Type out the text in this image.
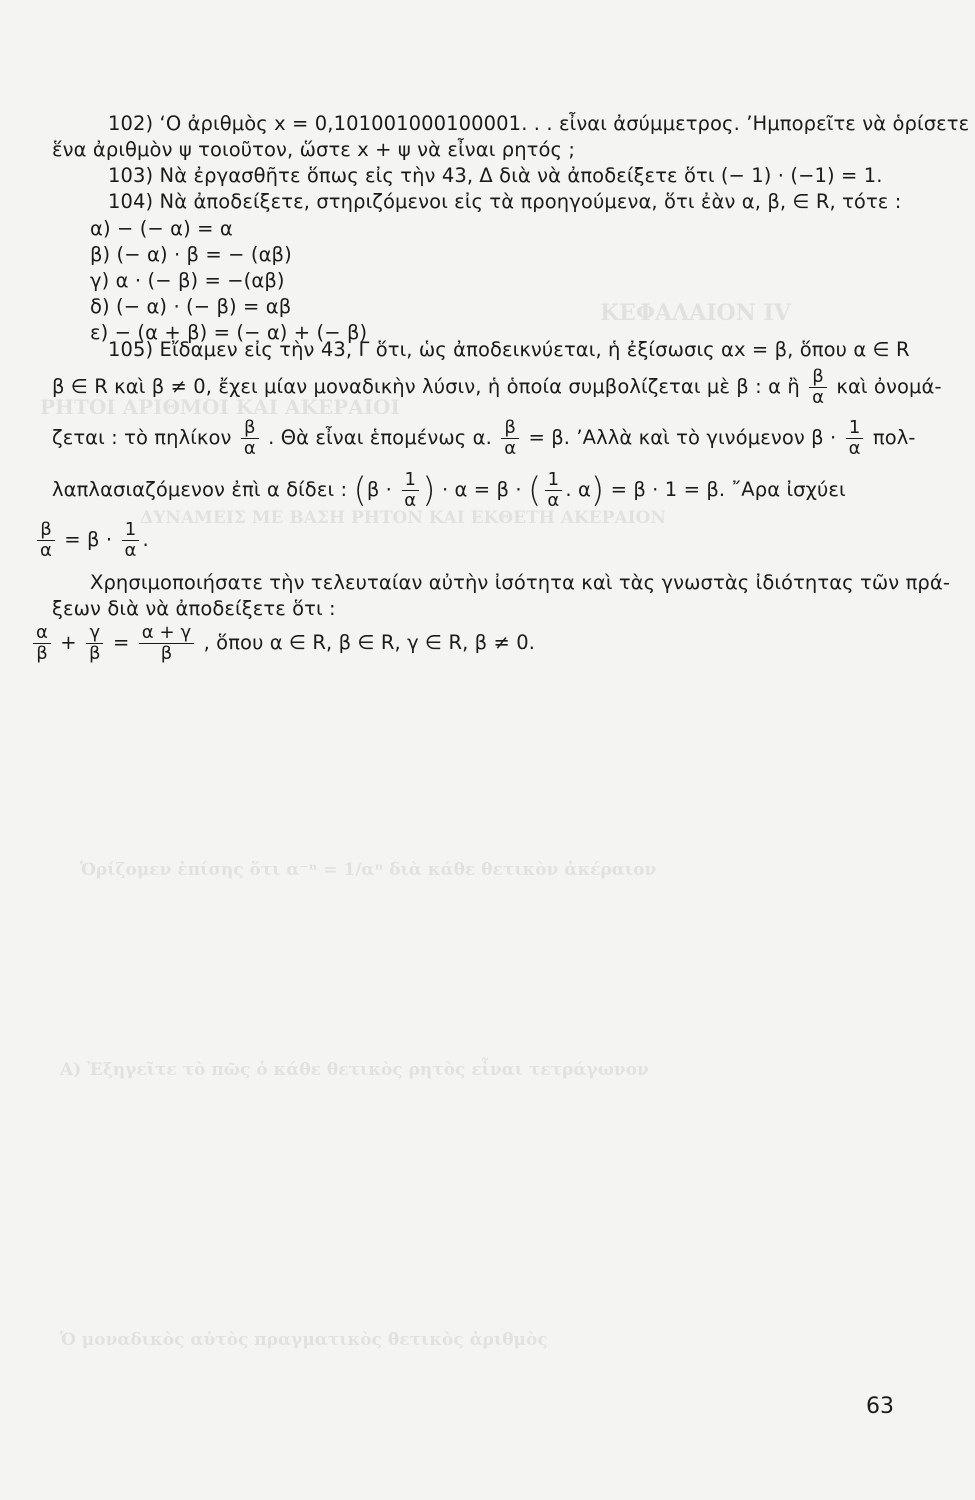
ΚΕΦΑΛΑΙΟΝ ΙV
ΡΗΤΟΙ ΑΡΙΘΜΟΙ ΚΑΙ ΑΚΕΡΑΙΟΙ
ΔΥΝΑΜΕΙΣ ΜΕ ΒΑΣΗ ΡΗΤΟΝ ΚΑΙ ΕΚΘΕΤΗ ΑΚΕΡΑΙΟΝ
Ὁρίζομεν ἐπίσης ὅτι α⁻ⁿ = 1/αⁿ διὰ κάθε θετικὸν ἀκέραιον
A) Ἐξηγεῖτε τὸ πῶς ὁ κάθε θετικὸς ρητὸς εἶναι τετράγωνον
Ὁ μοναδικὸς αὐτὸς πραγματικὸς θετικὸς ἀριθμὸς
102) ‘Ο ἀριθμὸς x = 0,101001000100001. . . εἶναι ἀσύμμετρος. ’Ημπορεῖτε νὰ ὁρίσετε
ἕνα ἀριθμὸν ψ τοιοῦτον, ὥστε x + ψ νὰ εἶναι ρητός ;
103) Νὰ ἐργασθῆτε ὅπως εἰς τὴν 43, Δ διὰ νὰ ἀποδείξετε ὅτι (− 1) · (−1) = 1.
104) Νὰ ἀποδείξετε, στηριζόμενοι εἰς τὰ προηγούμενα, ὅτι ἐὰν α, β, ∈ R, τότε :
α) − (− α) = α
β) (− α) · β = − (αβ)
γ) α · (− β) = −(αβ)
δ) (− α) · (− β) = αβ
ε) − (α + β) = (− α) + (− β)
105) Εἴδαμεν εἰς τὴν 43, Γ ὅτι, ὡς ἀποδεικνύεται, ἡ ἐξίσωσις αx = β, ὅπου α ∈ R
β ∈ R καὶ β ≠ 0, ἔχει μίαν μοναδικὴν λύσιν, ἡ ὁποία συμβολίζεται μὲ β : α ἢ $\frac{\beta}{\alpha}$ καὶ ὀνομά-
ζεται : τὸ πηλίκον $\frac{\beta}{\alpha}$ . Θὰ εἶναι ἑπομένως α. $\frac{\beta}{\alpha} = \beta$. ’Αλλὰ καὶ τὸ γινόμενον $\beta \cdot \frac{1}{\alpha} \pi o\lambda-$
λαπλασιαζόμενον ἐπὶ α δίδει : ($\beta \cdot \frac{1}{\alpha}$ ) · α = β · ( $\frac{1}{\alpha}$ . α) = β · 1 = β. ῎Αρα ἰσχύει
$\frac{\beta}{\alpha} = \beta \cdot \frac{1}{\alpha}$ .
Χρησιμοποιήσατε τὴν τελευταίαν αὐτὴν ἰσότητα καὶ τὰς γνωστὰς ἰδιότητας τῶν πρά-
ξεων διὰ νὰ ἀποδείξετε ὅτι :
$\frac{\alpha}{\beta} + \frac{\gamma}{\beta} = \frac{\alpha + \gamma}{\beta}$ , ὅπου α ∈ R, β ∈ R, γ ∈ R, β ≠ 0.
63
